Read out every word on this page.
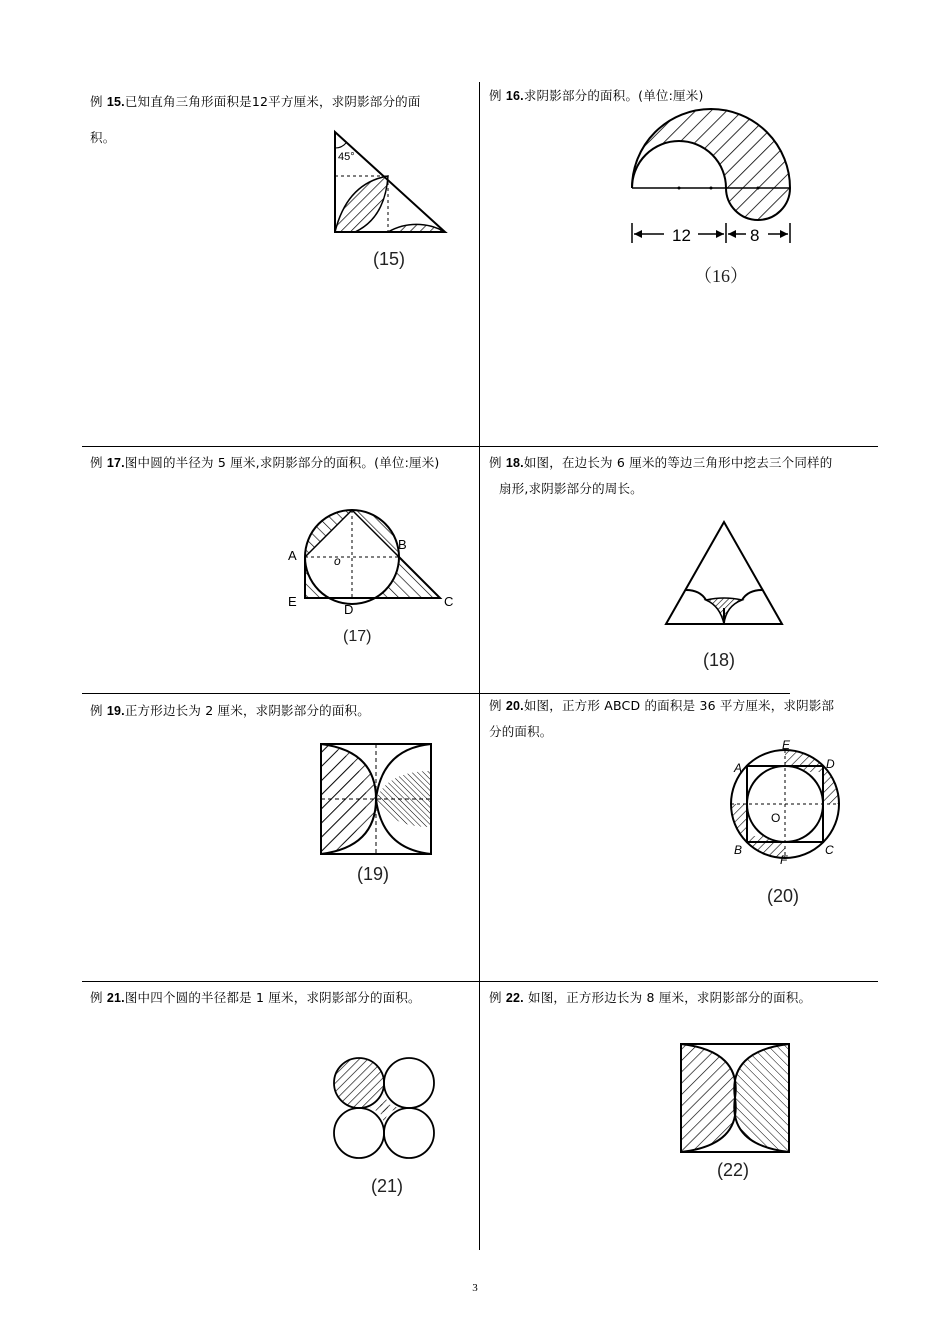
例 15.已知直角三角形面积是12平方厘米，求阴影部分的面
积。
45°
(15)
例 16.求阴影部分的面积。(单位:厘米)
12	8
（16）
例 17.图中圆的半径为 5 厘米,求阴影部分的面积。(单位:厘米)
A
B
C
D
E
o
(17)
例 18.如图，在边长为 6 厘米的等边三角形中挖去三个同样的
扇形,求阴影部分的周长。
(18)
例 19.正方形边长为 2 厘米，求阴影部分的面积。
(19)
例 20.如图，正方形 ABCD 的面积是 36 平方厘米，求阴影部
分的面积。
A
B	C
D
E
F
O
(20)
例 21.图中四个圆的半径都是 1 厘米，求阴影部分的面积。
(21)
例 22. 如图，正方形边长为 8 厘米，求阴影部分的面积。
(22)
3
